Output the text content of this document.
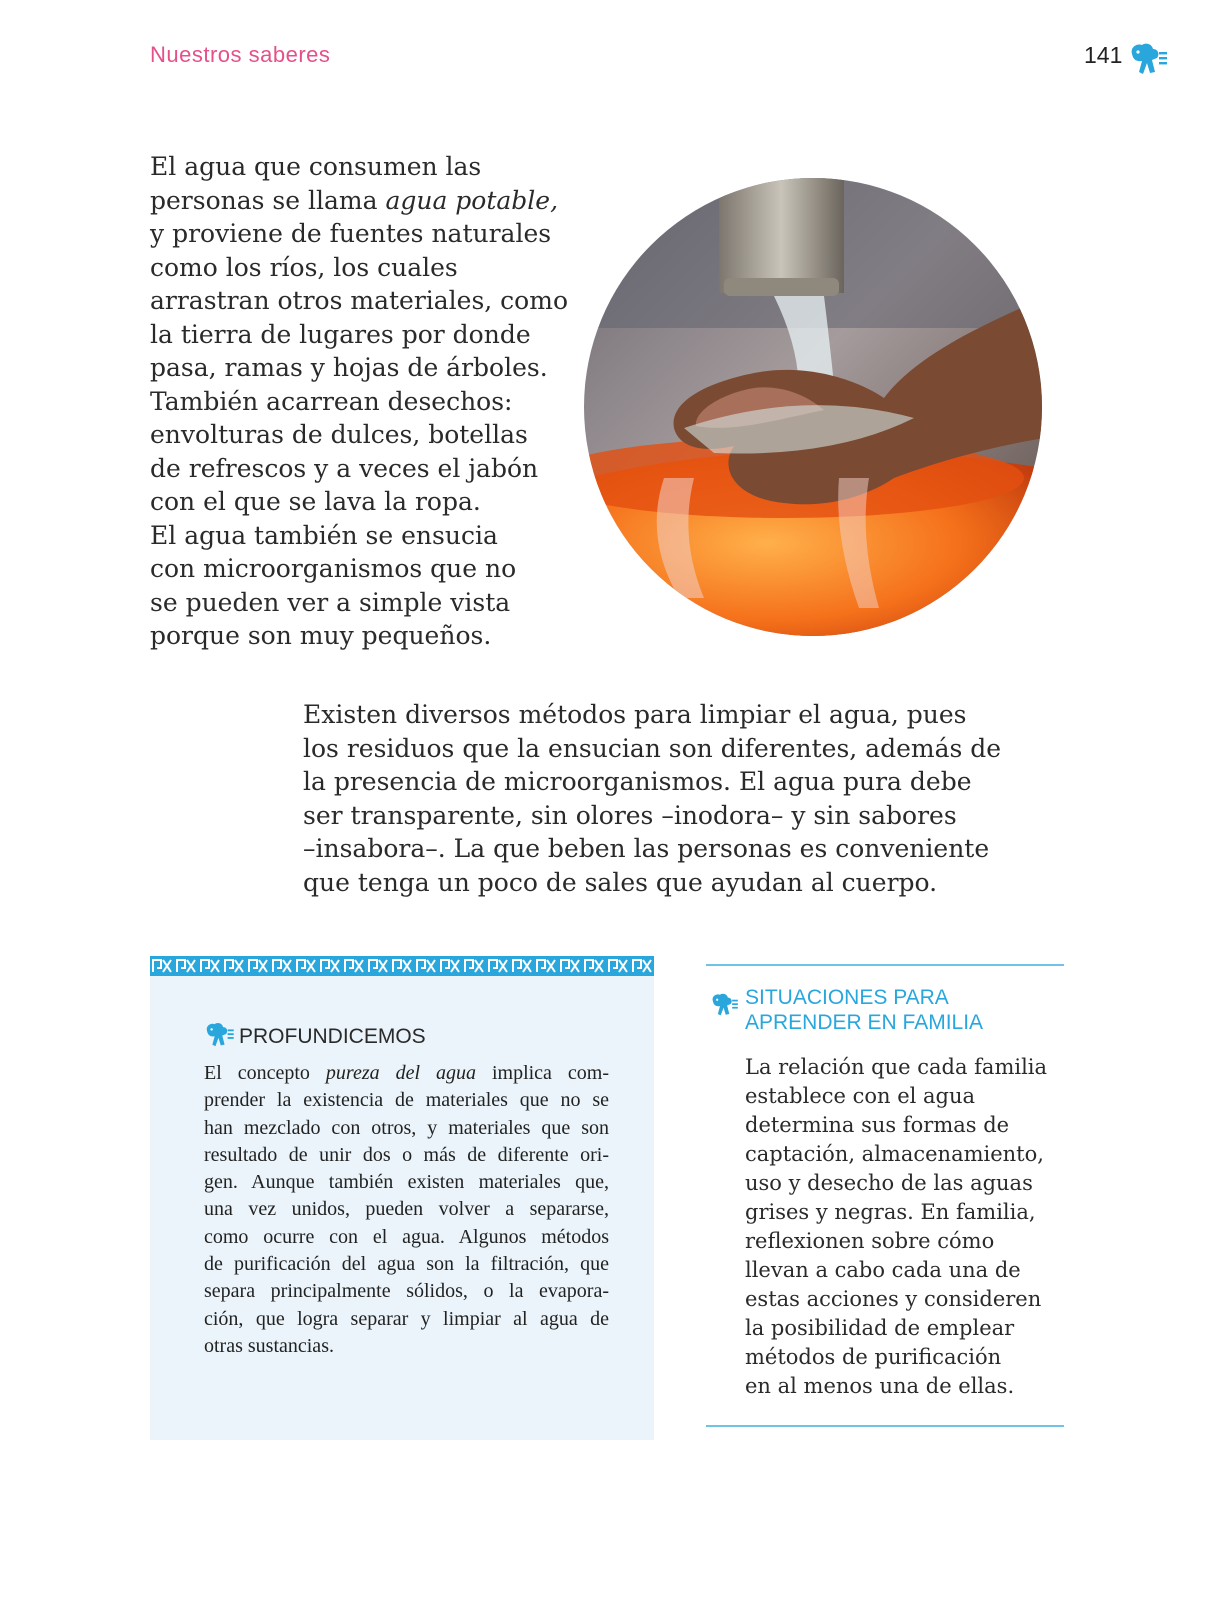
Nuestros saberes	141

El agua que consumen las
personas se llama agua potable,
y proviene de fuentes naturales
como los ríos, los cuales
arrastran otros materiales, como
la tierra de lugares por donde
pasa, ramas y hojas de árboles.
También acarrean desechos:
envolturas de dulces, botellas
de refrescos y a veces el jabón
con el que se lava la ropa.
El agua también se ensucia
con microorganismos que no
se pueden ver a simple vista
porque son muy pequeños.

Existen diversos métodos para limpiar el agua, pues
los residuos que la ensucian son diferentes, además de
la presencia de microorganismos. El agua pura debe
ser transparente, sin olores –inodora– y sin sabores
–insabora–. La que beben las personas es conveniente
que tenga un poco de sales que ayudan al cuerpo.

PROFUNDICEMOS

El concepto pureza del agua implica com-
prender la existencia de materiales que no se
han mezclado con otros, y materiales que son
resultado de unir dos o más de diferente ori-
gen. Aunque también existen materiales que,
una vez unidos, pueden volver a separarse,
como ocurre con el agua. Algunos métodos
de purificación del agua son la filtración, que
separa principalmente sólidos, o la evapora-
ción, que logra separar y limpiar al agua de
otras sustancias.

SITUACIONES PARA
APRENDER EN FAMILIA

La relación que cada familia
establece con el agua
determina sus formas de
captación, almacenamiento,
uso y desecho de las aguas
grises y negras. En familia,
reflexionen sobre cómo
llevan a cabo cada una de
estas acciones y consideren
la posibilidad de emplear
métodos de purificación
en al menos una de ellas.
